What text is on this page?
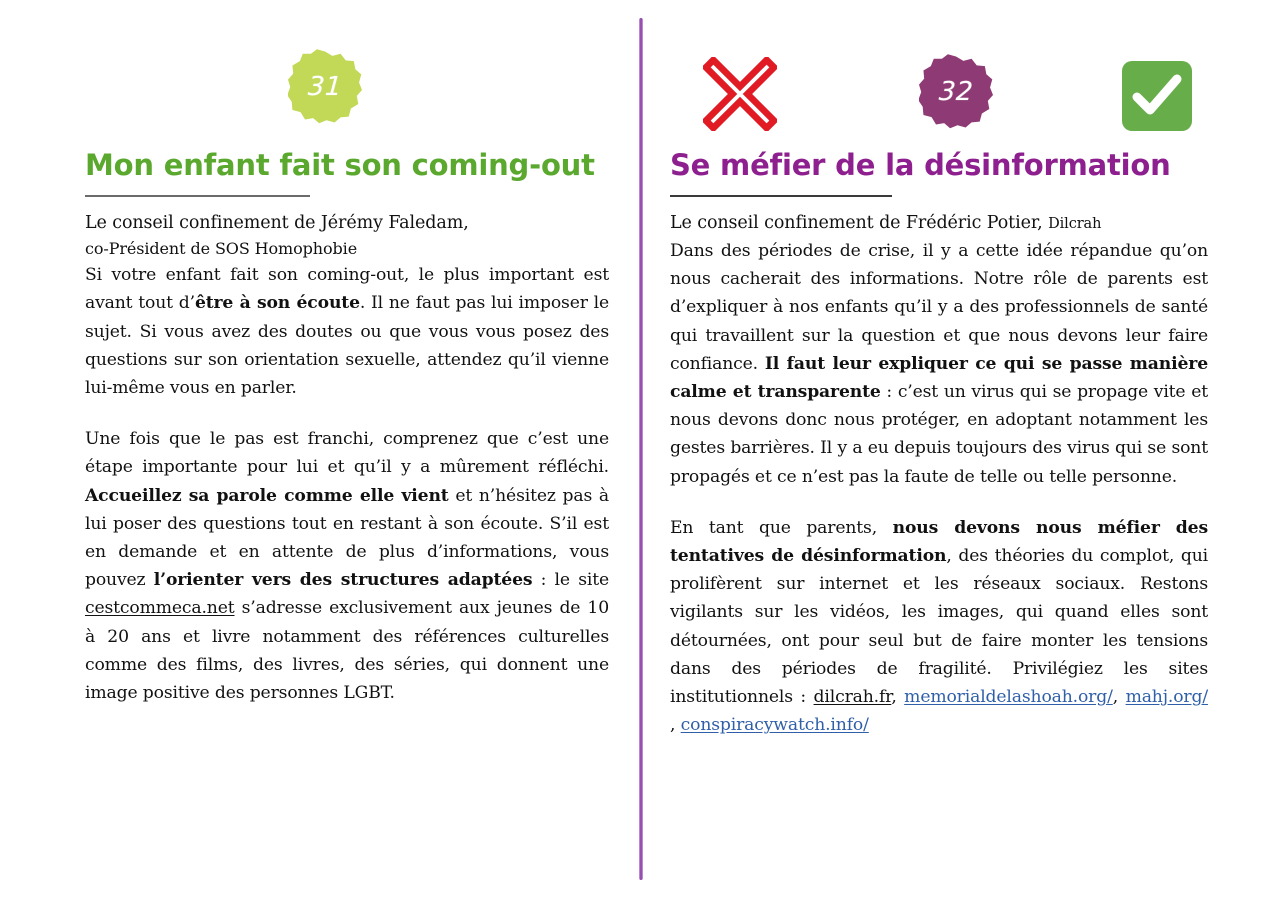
31
Mon enfant fait son coming-out
Le conseil confinement de Jérémy Faledam,
co-Président de SOS Homophobie

Si votre enfant fait son coming-out, le plus important est avant tout d’être à son écoute. Il ne faut pas lui imposer le sujet. Si vous avez des doutes ou que vous vous posez des questions sur son orientation sexuelle, attendez qu’il vienne lui-même vous en parler.

Une fois que le pas est franchi, comprenez que c’est une étape importante pour lui et qu’il y a mûrement réfléchi. Accueillez sa parole comme elle vient et n’hésitez pas à lui poser des questions tout en restant à son écoute. S’il est en demande et en attente de plus d’informations, vous pouvez l’orienter vers des structures adaptées : le site cestcommeca.net s’adresse exclusivement aux jeunes de 10 à 20 ans et livre notamment des références culturelles comme des films, des livres, des séries, qui donnent une image positive des personnes LGBT.

32
Se méfier de la désinformation
Le conseil confinement de Frédéric Potier, Dilcrah

Dans des périodes de crise, il y a cette idée répandue qu’on nous cacherait des informations. Notre rôle de parents est d’expliquer à nos enfants qu’il y a des professionnels de santé qui travaillent sur la question et que nous devons leur faire confiance. Il faut leur expliquer ce qui se passe manière calme et transparente : c’est un virus qui se propage vite et nous devons donc nous protéger, en adoptant notamment les gestes barrières. Il y a eu depuis toujours des virus qui se sont propagés et ce n’est pas la faute de telle ou telle personne.

En tant que parents, nous devons nous méfier des tentatives de désinformation, des théories du complot, qui prolifèrent sur internet et les réseaux sociaux. Restons vigilants sur les vidéos, les images, qui quand elles sont détournées, ont pour seul but de faire monter les tensions dans des périodes de fragilité. Privilégiez les sites institutionnels : dilcrah.fr, memorialdelashoah.org/, mahj.org/ , conspiracywatch.info/
